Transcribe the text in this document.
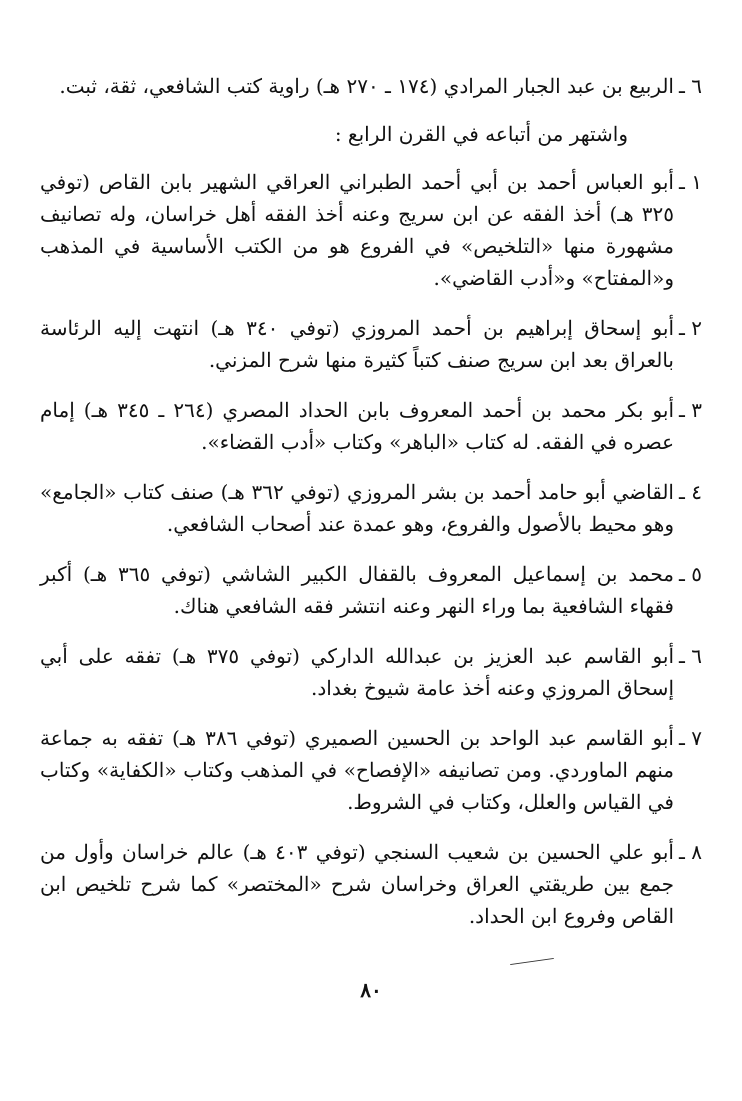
٦ ـ
الربيع بن عبد الجبار المرادي (١٧٤ ـ ٢٧٠ هـ) راوية كتب الشافعي، ثقة، ثبت.
واشتهر من أتباعه في القرن الرابع :
١ ـ
أبو العباس أحمد بن أبي أحمد الطبراني العراقي الشهير بابن القاص (توفي ٣٢٥ هـ) أخذ الفقه عن ابن سريج وعنه أخذ الفقه أهل خراسان، وله تصانيف مشهورة منها «التلخيص» في الفروع هو من الكتب الأساسية في المذهب و«المفتاح» و«أدب القاضي».
٢ ـ
أبو إسحاق إبراهيم بن أحمد المروزي (توفي ٣٤٠ هـ) انتهت إليه الرئاسة بالعراق بعد ابن سريج صنف كتباً كثيرة منها شرح المزني.
٣ ـ
أبو بكر محمد بن أحمد المعروف بابن الحداد المصري (٢٦٤ ـ ٣٤٥ هـ) إمام عصره في الفقه. له كتاب «الباهر» وكتاب «أدب القضاء».
٤ ـ
القاضي أبو حامد أحمد بن بشر المروزي (توفي ٣٦٢ هـ) صنف كتاب «الجامع» وهو محيط بالأصول والفروع، وهو عمدة عند أصحاب الشافعي.
٥ ـ
محمد بن إسماعيل المعروف بالقفال الكبير الشاشي (توفي ٣٦٥ هـ) أكبر فقهاء الشافعية بما وراء النهر وعنه انتشر فقه الشافعي هناك.
٦ ـ
أبو القاسم عبد العزيز بن عبدالله الداركي (توفي ٣٧٥ هـ) تفقه على أبي إسحاق المروزي وعنه أخذ عامة شيوخ بغداد.
٧ ـ
أبو القاسم عبد الواحد بن الحسين الصميري (توفي ٣٨٦ هـ) تفقه به جماعة منهم الماوردي. ومن تصانيفه «الإفصاح» في المذهب وكتاب «الكفاية» وكتاب في القياس والعلل، وكتاب في الشروط.
٨ ـ
أبو علي الحسين بن شعيب السنجي (توفي ٤٠٣ هـ) عالم خراسان وأول من جمع بين طريقتي العراق وخراسان شرح «المختصر» كما شرح تلخيص ابن القاص وفروع ابن الحداد.
٨٠
